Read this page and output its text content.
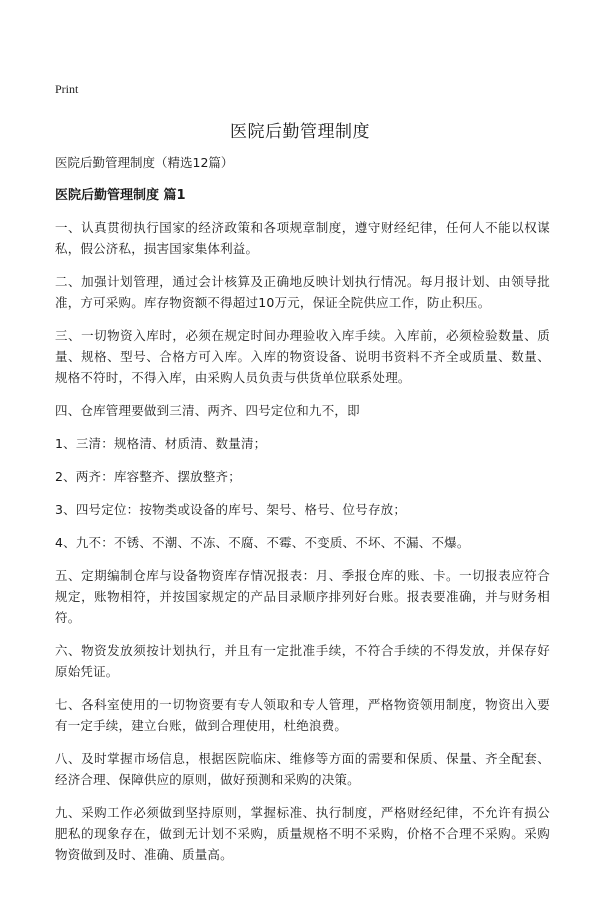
Print
医院后勤管理制度
医院后勤管理制度（精选12篇）
医院后勤管理制度 篇1

一、认真贯彻执行国家的经济政策和各项规章制度，遵守财经纪律，任何人不能以权谋私，假公济私，损害国家集体利益。

二、加强计划管理，通过会计核算及正确地反映计划执行情况。每月报计划、由领导批准，方可采购。库存物资额不得超过10万元，保证全院供应工作，防止积压。

三、一切物资入库时，必须在规定时间办理验收入库手续。入库前，必须检验数量、质量、规格、型号、合格方可入库。入库的物资设备、说明书资料不齐全或质量、数量、规格不符时，不得入库，由采购人员负责与供货单位联系处理。

四、仓库管理要做到三清、两齐、四号定位和九不，即

1、三清：规格清、材质清、数量清；

2、两齐：库容整齐、摆放整齐；

3、四号定位：按物类或设备的库号、架号、格号、位号存放；

4、九不：不锈、不潮、不冻、不腐、不霉、不变质、不坏、不漏、不爆。

五、定期编制仓库与设备物资库存情况报表：月、季报仓库的账、卡。一切报表应符合规定，账物相符，并按国家规定的产品目录顺序排列好台账。报表要准确，并与财务相符。

六、物资发放须按计划执行，并且有一定批准手续，不符合手续的不得发放，并保存好原始凭证。

七、各科室使用的一切物资要有专人领取和专人管理，严格物资领用制度，物资出入要有一定手续，建立台账，做到合理使用，杜绝浪费。

八、及时掌握市场信息，根据医院临床、维修等方面的需要和保质、保量、齐全配套、经济合理、保障供应的原则，做好预测和采购的决策。

九、采购工作必须做到坚持原则，掌握标准、执行制度，严格财经纪律，不允许有损公肥私的现象存在，做到无计划不采购，质量规格不明不采购，价格不合理不采购。采购物资做到及时、准确、质量高。
